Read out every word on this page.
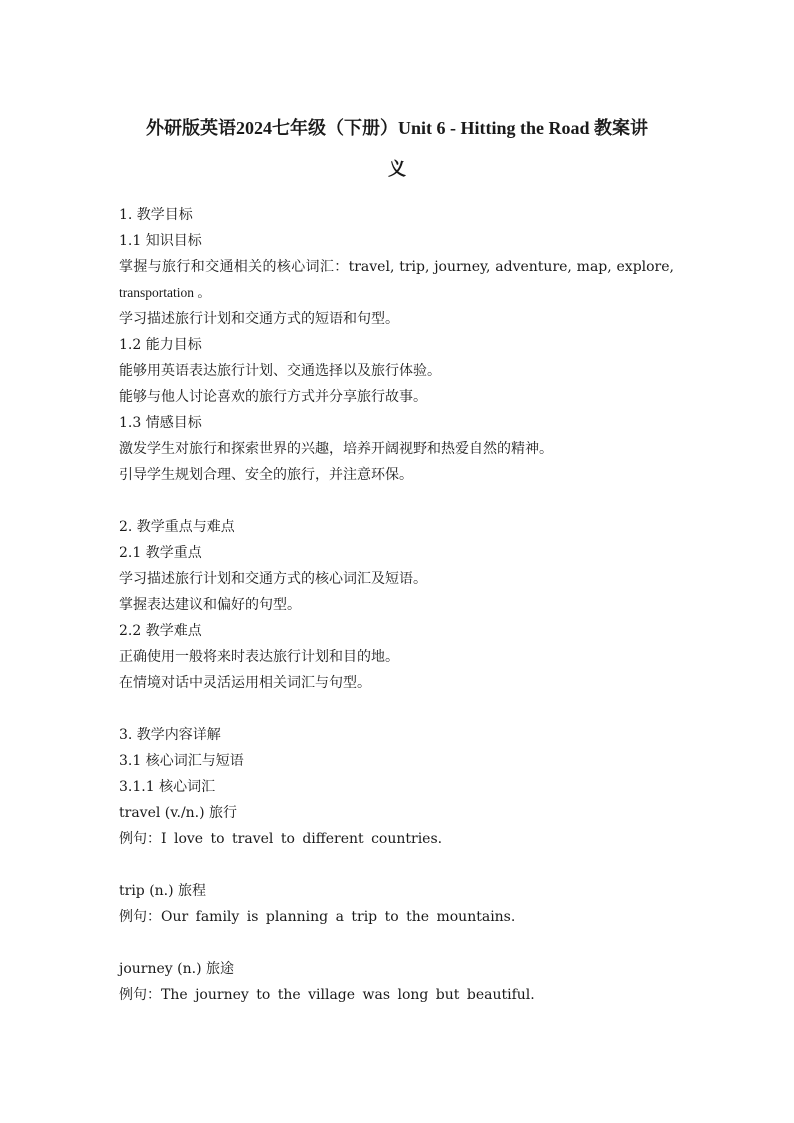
外研版英语2024七年级（下册）Unit 6 - Hitting the Road 教案讲
义
1. 教学目标
1.1 知识目标
掌握与旅行和交通相关的核心词汇：travel, trip, journey, adventure, map, explore,
transportation 。
学习描述旅行计划和交通方式的短语和句型。
1.2 能力目标
能够用英语表达旅行计划、交通选择以及旅行体验。
能够与他人讨论喜欢的旅行方式并分享旅行故事。
1.3 情感目标
激发学生对旅行和探索世界的兴趣，培养开阔视野和热爱自然的精神。
引导学生规划合理、安全的旅行，并注意环保。
2. 教学重点与难点
2.1 教学重点
学习描述旅行计划和交通方式的核心词汇及短语。
掌握表达建议和偏好的句型。
2.2 教学难点
正确使用一般将来时表达旅行计划和目的地。
在情境对话中灵活运用相关词汇与句型。
3. 教学内容详解
3.1 核心词汇与短语
3.1.1 核心词汇
travel (v./n.) 旅行
例句：I love to travel to different countries.
trip (n.) 旅程
例句：Our family is planning a trip to the mountains.
journey (n.) 旅途
例句：The journey to the village was long but beautiful.
